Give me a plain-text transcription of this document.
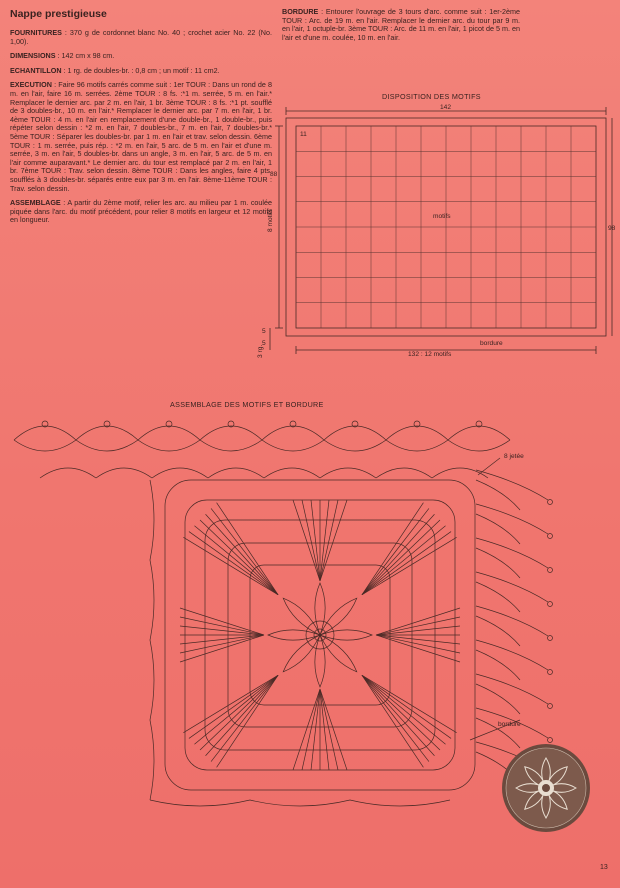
Nappe prestigieuse

FOURNITURES : 370 g de cordonnet blanc No. 40 ; crochet acier No. 22 (No. 1,00).

DIMENSIONS : 142 cm x 98 cm.

ECHANTILLON : 1 rg. de doubles-br. : 0,8 cm ; un motif : 11 cm2.

EXECUTION : Faire 96 motifs carrés comme suit : 1er TOUR : Dans un rond de 8 m. en l'air, faire 16 m. serrées. 2ème TOUR : 8 fs. :*1 m. serrée, 5 m. en l'air.* Remplacer le dernier arc. par 2 m. en l'air, 1 br. 3ème TOUR : 8 fs. :*1 pt. soufflé de 3 doubles-br., 10 m. en l'air.* Remplacer le dernier arc. par 7 m. en l'air, 1 br. 4ème TOUR : 4 m. en l'air en remplacement d'une double-br., 1 double-br., puis répéter selon dessin : *2 m. en l'air, 7 doubles-br., 7 m. en l'air, 7 doubles-br.* 5ème TOUR : Séparer les doubles-br. par 1 m. en l'air et trav. selon dessin. 6ème TOUR : 1 m. serrée, puis rép. : *2 m. en l'air, 5 arc. de 5 m. en l'air et d'une m. serrée, 3 m. en l'air, 5 doubles-br. dans un angle, 3 m. en l'air, 5 arc. de 5 m. en l'air comme auparavant.* Le dernier arc. du tour est remplacé par 2 m. en l'air, 1 br. 7ème TOUR : Trav. selon dessin. 8ème TOUR : Dans les angles, faire 4 pts. soufflés à 3 doubles-br. séparés entre eux par 3 m. en l'air. 8ème-11ème TOUR : Trav. selon dessin.

ASSEMBLAGE : A partir du 2ème motif, relier les arc. au milieu par 1 m. coulée piquée dans l'arc. du motif précédent, pour relier 8 motifs en largeur et 12 motifs en longueur.

BORDURE : Entourer l'ouvrage de 3 tours d'arc. comme suit : 1er-2ème TOUR : Arc. de 19 m. en l'air. Remplacer le dernier arc. du tour par 9 m. en l'air, 1 octuple-br. 3ème TOUR : Arc. de 11 m. en l'air, 1 picot de 5 m. en l'air et d'une m. coulée, 10 m. en l'air.
DISPOSITION DES MOTIFS
142
88
8 motifs	98
11
motifs
132 : 12 motifs
bordure
5
5
3 rg.
ASSEMBLAGE DES MOTIFS ET BORDURE
8 jetée
bordure
13
